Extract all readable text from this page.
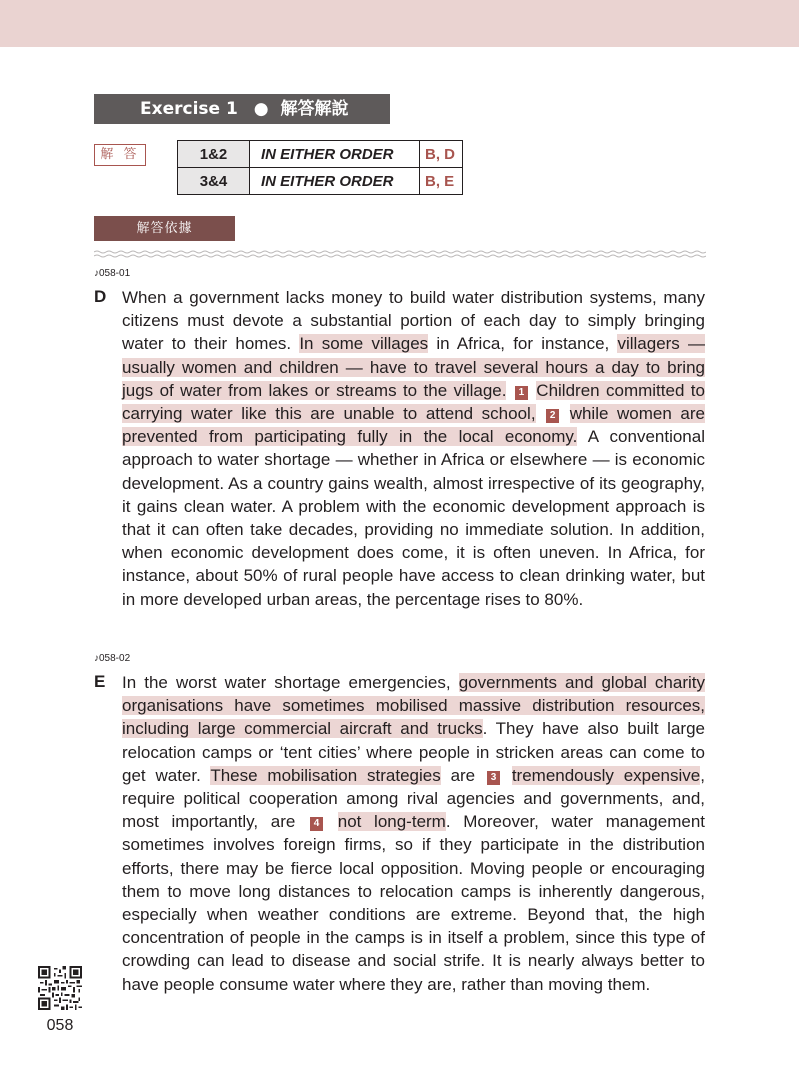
Exercise 1 ● 解答解說
解 答	1&2	IN EITHER ORDER	B, D
3&4	IN EITHER ORDER	B, E
解答依據
♪058-01
D When a government lacks money to build water distribution systems, many citizens must devote a substantial portion of each day to simply bringing water to their homes. In some villages in Africa, for instance, villagers — usually women and children — have to travel several hours a day to bring jugs of water from lakes or streams to the village. 1 Children committed to carrying water like this are unable to attend school, 2 while women are prevented from participating fully in the local economy. A conventional approach to water shortage — whether in Africa or elsewhere — is economic development. As a country gains wealth, almost irrespective of its geography, it gains clean water. A problem with the economic development approach is that it can often take decades, providing no immediate solution. In addition, when economic development does come, it is often uneven. In Africa, for instance, about 50% of rural people have access to clean drinking water, but in more developed urban areas, the percentage rises to 80%.

♪058-02
E In the worst water shortage emergencies, governments and global charity organisations have sometimes mobilised massive distribution resources, including large commercial aircraft and trucks. They have also built large relocation camps or ‘tent cities’ where people in stricken areas can come to get water. These mobilisation strategies are 3 tremendously expensive, require political cooperation among rival agencies and governments, and, most importantly, are 4 not long-term. Moreover, water management sometimes involves foreign firms, so if they participate in the distribution efforts, there may be fierce local opposition. Moving people or encouraging them to move long distances to relocation camps is inherently dangerous, especially when weather conditions are extreme. Beyond that, the high concentration of people in the camps is in itself a problem, since this type of crowding can lead to disease and social strife. It is nearly always better to have people consume water where they are, rather than moving them.

058
